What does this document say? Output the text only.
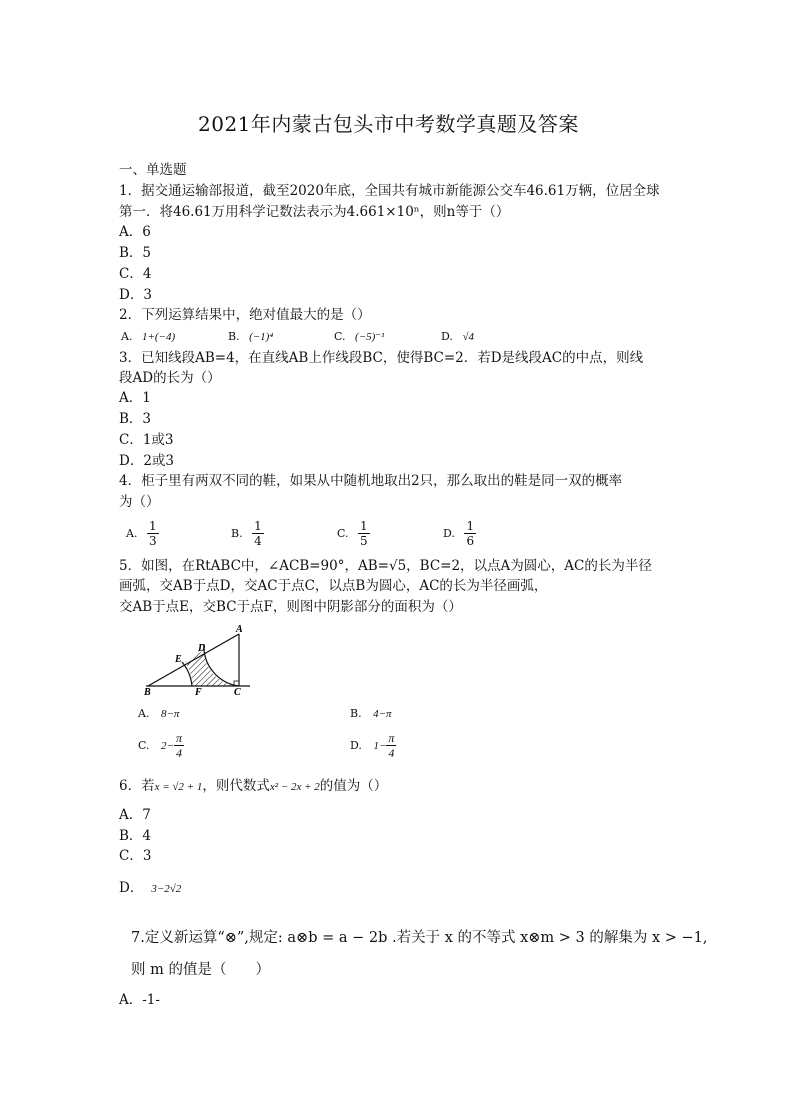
2021年内蒙古包头市中考数学真题及答案
一、单选题
1．据交通运输部报道，截至2020年底，全国共有城市新能源公交车46.61万辆，位居全球
第一．将46.61万用科学记数法表示为4.661×10ⁿ，则n等于（）
A．6
B．5
C．4
D．3
2．下列运算结果中，绝对值最大的是（）
A. 1+(−4)	B. (−1)⁴	C. (−5)⁻¹	D. √4
3．已知线段AB=4，在直线AB上作线段BC，使得BC=2．若D是线段AC的中点，则线
段AD的长为（）
A．1
B．3
C．1或3
D．2或3
4．柜子里有两双不同的鞋，如果从中随机地取出2只，那么取出的鞋是同一双的概率
为（）
A. $\frac{1}{3}$	B. $\frac{1}{4}$	C. $\frac{1}{5}$	D. $\frac{1}{6}$
5．如图，在RtABC中，∠ACB=90°，AB=√5，BC=2，以点A为圆心，AC的长为半径
画弧，交AB于点D，交AC于点C，以点B为圆心，AC的长为半径画弧，
交AB于点E，交BC于点F，则图中阴影部分的面积为（）
A
D
E
B	F	C
A. 8−π	B. 4−π
C. $2- \frac{\pi}{4}$	D. $1- \frac{\pi}{4}$
6．若x = √2 + 1，则代数式x² − 2x + 2的值为（）
A．7
B．4
C．3
D． 3−2√2
7.定义新运算“⊗”,规定: a⊗b = a − 2b .若关于 x 的不等式 x⊗m > 3 的解集为 x > −1,
则 m 的值是（　　）
A．-1-
